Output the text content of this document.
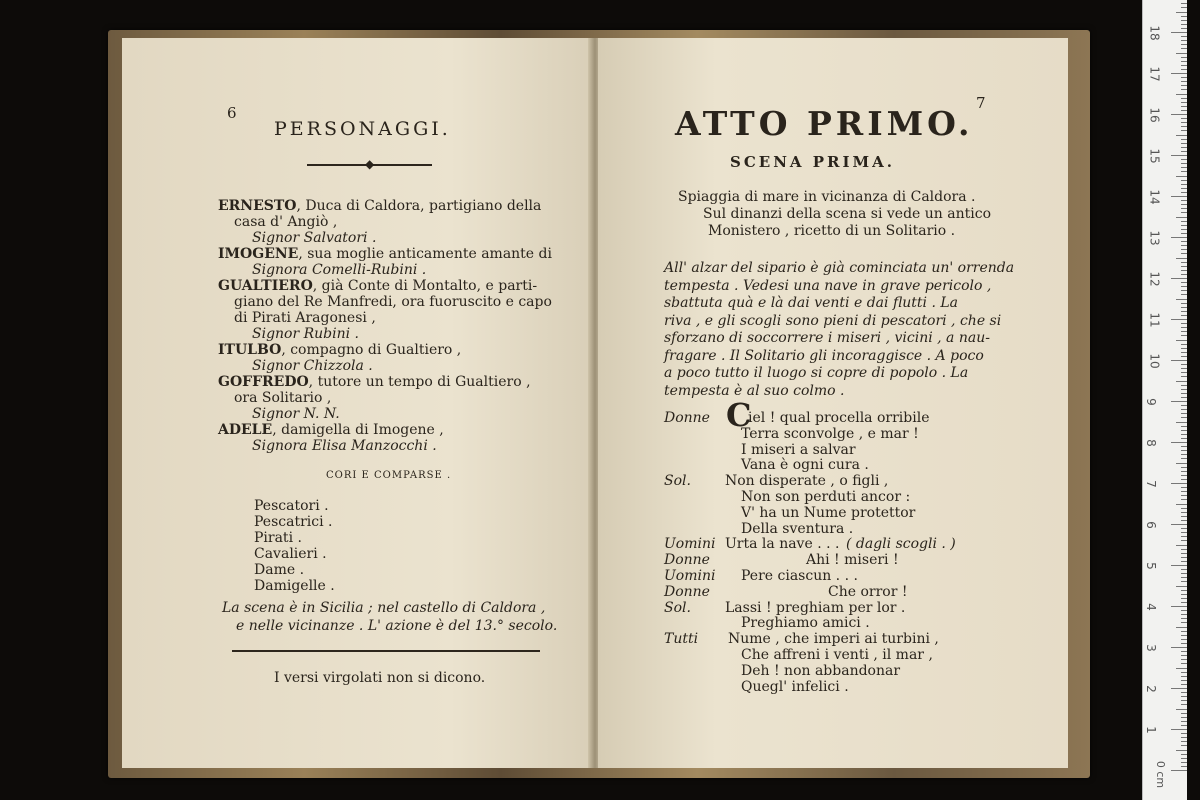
6
PERSONAGGI.
◆
ERNESTO, Duca di Caldora, partigiano della
casa d' Angiò ,
Signor Salvatori .
IMOGENE, sua moglie anticamente amante di
Signora Comelli-Rubini .
GUALTIERO, già Conte di Montalto, e parti-
giano del Re Manfredi, ora fuoruscito e capo
di Pirati Aragonesi ,
Signor Rubini .
ITULBO, compagno di Gualtiero ,
Signor Chizzola .
GOFFREDO, tutore un tempo di Gualtiero ,
ora Solitario ,
Signor N. N.
ADELE, damigella di Imogene ,
Signora Elisa Manzocchi .
CORI E COMPARSE .
Pescatori .
Pescatrici .
Pirati .
Cavalieri .
Dame .
Damigelle .
La scena è in Sicilia ; nel castello di Caldora ,
e nelle vicinanze . L' azione è del 13.° secolo.
I versi virgolati non si dicono.
ATTO PRIMO.
7
SCENA PRIMA.
Spiaggia di mare in vicinanza di Caldora .
Sul dinanzi della scena si vede un antico
Monistero , ricetto di un Solitario .
All' alzar del sipario è già cominciata un' orrenda
tempesta . Vedesi una nave in grave pericolo ,
sbattuta quà e là dai venti e dai flutti . La
riva , e gli scogli sono pieni di pescatori , che si
sforzano di soccorrere i miseri , vicini , a nau-
fragare . Il Solitario gli incoraggisce . A poco
a poco tutto il luogo si copre di popolo . La
tempesta è al suo colmo .
Donne C
iel ! qual procella orribile
Terra sconvolge , e mar !
I miseri a salvar
Vana è ogni cura .
Sol. Non disperate , o figli ,
Non son perduti ancor :
V' ha un Nume protettor
Della sventura .
Uomini Urta la nave . . . ( dagli scogli . )
Donne	Ahi ! miseri !
Uomini Pere ciascun . . .
Donne	Che orror !
Sol. Lassi ! preghiam per lor .
Preghiamo amici .
Tutti Nume , che imperi ai turbini ,
Che affreni i venti , il mar ,
Deh ! non abbandonar
Quegl' infelici .
1
2
3
4
5
6
7
8
9
10
11
12
13
14
15
16
17
18
0 cm
